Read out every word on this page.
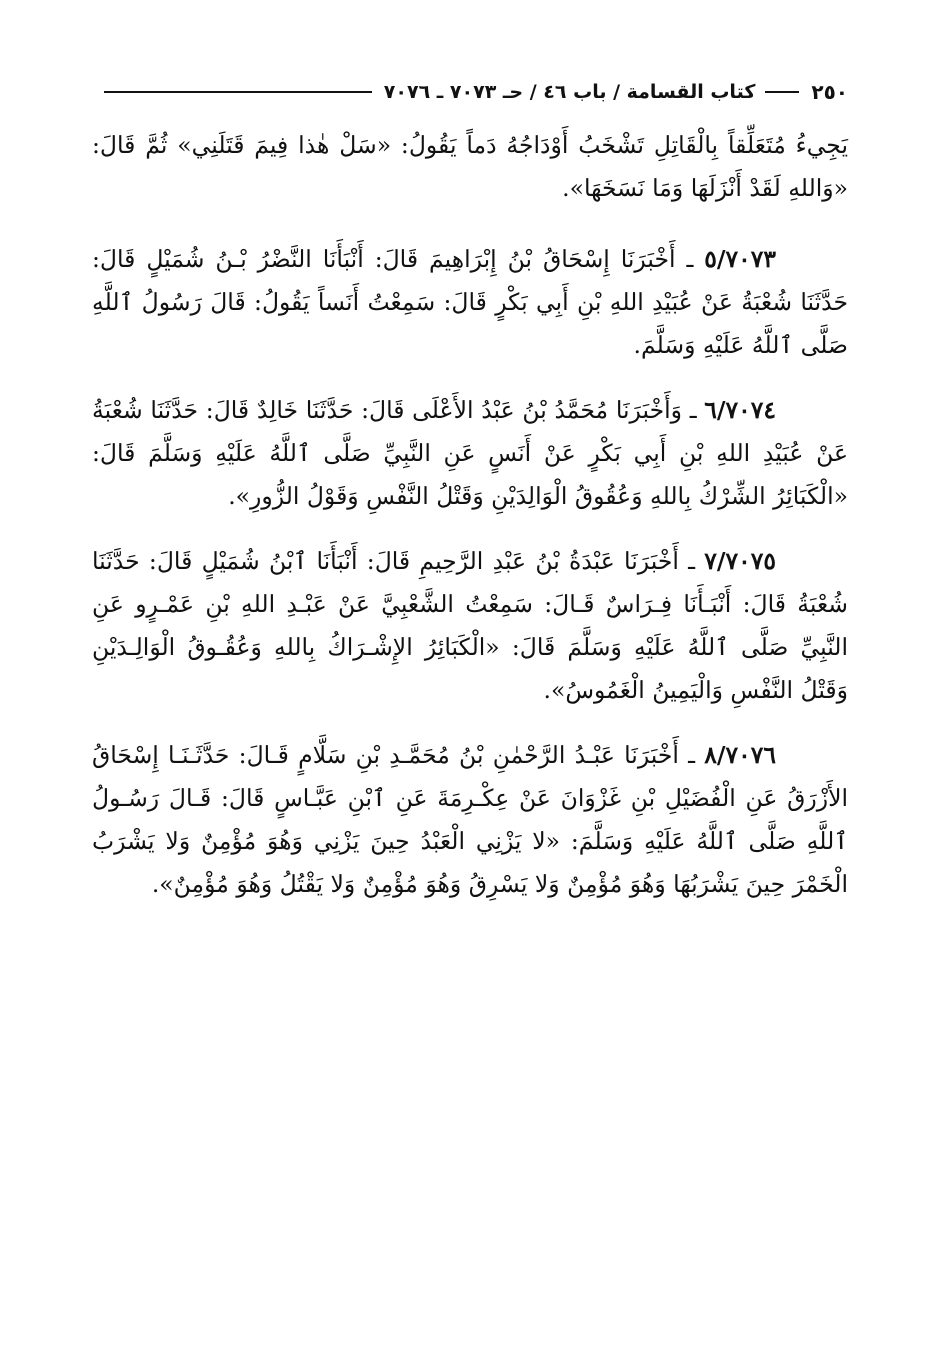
٢٥٠
كتاب القسامة / باب ٤٦ / حـ ٧٠٧٣ ـ ٧٠٧٦

يَجِيءُ مُتَعَلِّقاً بِالْقَاتِلِ تَشْخَبُ أَوْدَاجُهُ دَماً يَقُولُ: «سَلْ هٰذا فِيمَ قَتَلَنِي» ثُمَّ قَالَ: «وَاللهِ لَقَدْ أَنْزَلَهَا وَمَا نَسَخَهَا».

٥/٧٠٧٣ ـ أَخْبَرَنَا إِسْحَاقُ بْنُ إِبْرَاهِيمَ قَالَ: أَنْبَأَنَا النَّضْرُ بْـنُ شُمَيْلٍ قَالَ: حَدَّثَنَا شُعْبَةُ عَنْ عُبَيْدِ اللهِ بْنِ أَبِي بَكْرٍ قَالَ: سَمِعْتُ أَنَساً يَقُولُ: قَالَ رَسُولُ ٱللَّهِ صَلَّى ٱللَّهُ عَلَيْهِ وَسَلَّمَ.

٦/٧٠٧٤ ـ وَأَخْبَرَنَا مُحَمَّدُ بْنُ عَبْدُ الأَعْلَى قَالَ: حَدَّثَنَا خَالِدٌ قَالَ: حَدَّثَنَا شُعْبَةُ عَنْ عُبَيْدِ اللهِ بْنِ أَبِي بَكْرٍ عَنْ أَنَسٍ عَنِ النَّبِيِّ صَلَّى ٱللَّهُ عَلَيْهِ وَسَلَّمَ قَالَ: «الْكَبَائِرُ الشِّرْكُ بِاللهِ وَعُقُوقُ الْوَالِدَيْنِ وَقَتْلُ النَّفْسِ وَقَوْلُ الزُّورِ».

٧/٧٠٧٥ ـ أَخْبَرَنَا عَبْدَةُ بْنُ عَبْدِ الرَّحِيمِ قَالَ: أَنْبَأَنَا ٱبْنُ شُمَيْلٍ قَالَ: حَدَّثَنَا شُعْبَةُ قَالَ: أَنْبَـأَنَا فِـرَاسٌ قَـالَ: سَمِعْتُ الشَّعْبِيَّ عَنْ عَبْـدِ اللهِ بْنِ عَمْـرٍو عَنِ النَّبِيِّ صَلَّى ٱللَّهُ عَلَيْهِ وَسَلَّمَ قَالَ: «الْكَبَائِرُ الإِشْـرَاكُ بِاللهِ وَعُقُـوقُ الْوَالِـدَيْنِ وَقَتْلُ النَّفْسِ وَالْيَمِينُ الْغَمُوسُ».

٨/٧٠٧٦ ـ أَخْبَرَنَا عَبْـدُ الرَّحْمٰنِ بْنُ مُحَمَّـدِ بْنِ سَلَّامٍ قَـالَ: حَدَّثَـنَـا إِسْحَاقُ الأَزْرَقُ عَنِ الْفُضَيْلِ بْنِ غَزْوَانَ عَنْ عِكْـرِمَةَ عَنِ ٱبْنِ عَبَّـاسٍ قَالَ: قَـالَ رَسُـولُ ٱللَّهِ صَلَّى ٱللَّهُ عَلَيْهِ وَسَلَّمَ: «لا يَزْنِي الْعَبْدُ حِينَ يَزْنِي وَهُوَ مُؤْمِنٌ وَلا يَشْرَبُ الْخَمْرَ حِينَ يَشْرَبُهَا وَهُوَ مُؤْمِنٌ وَلا يَسْرِقُ وَهُوَ مُؤْمِنٌ وَلا يَقْتُلُ وَهُوَ مُؤْمِنٌ».
